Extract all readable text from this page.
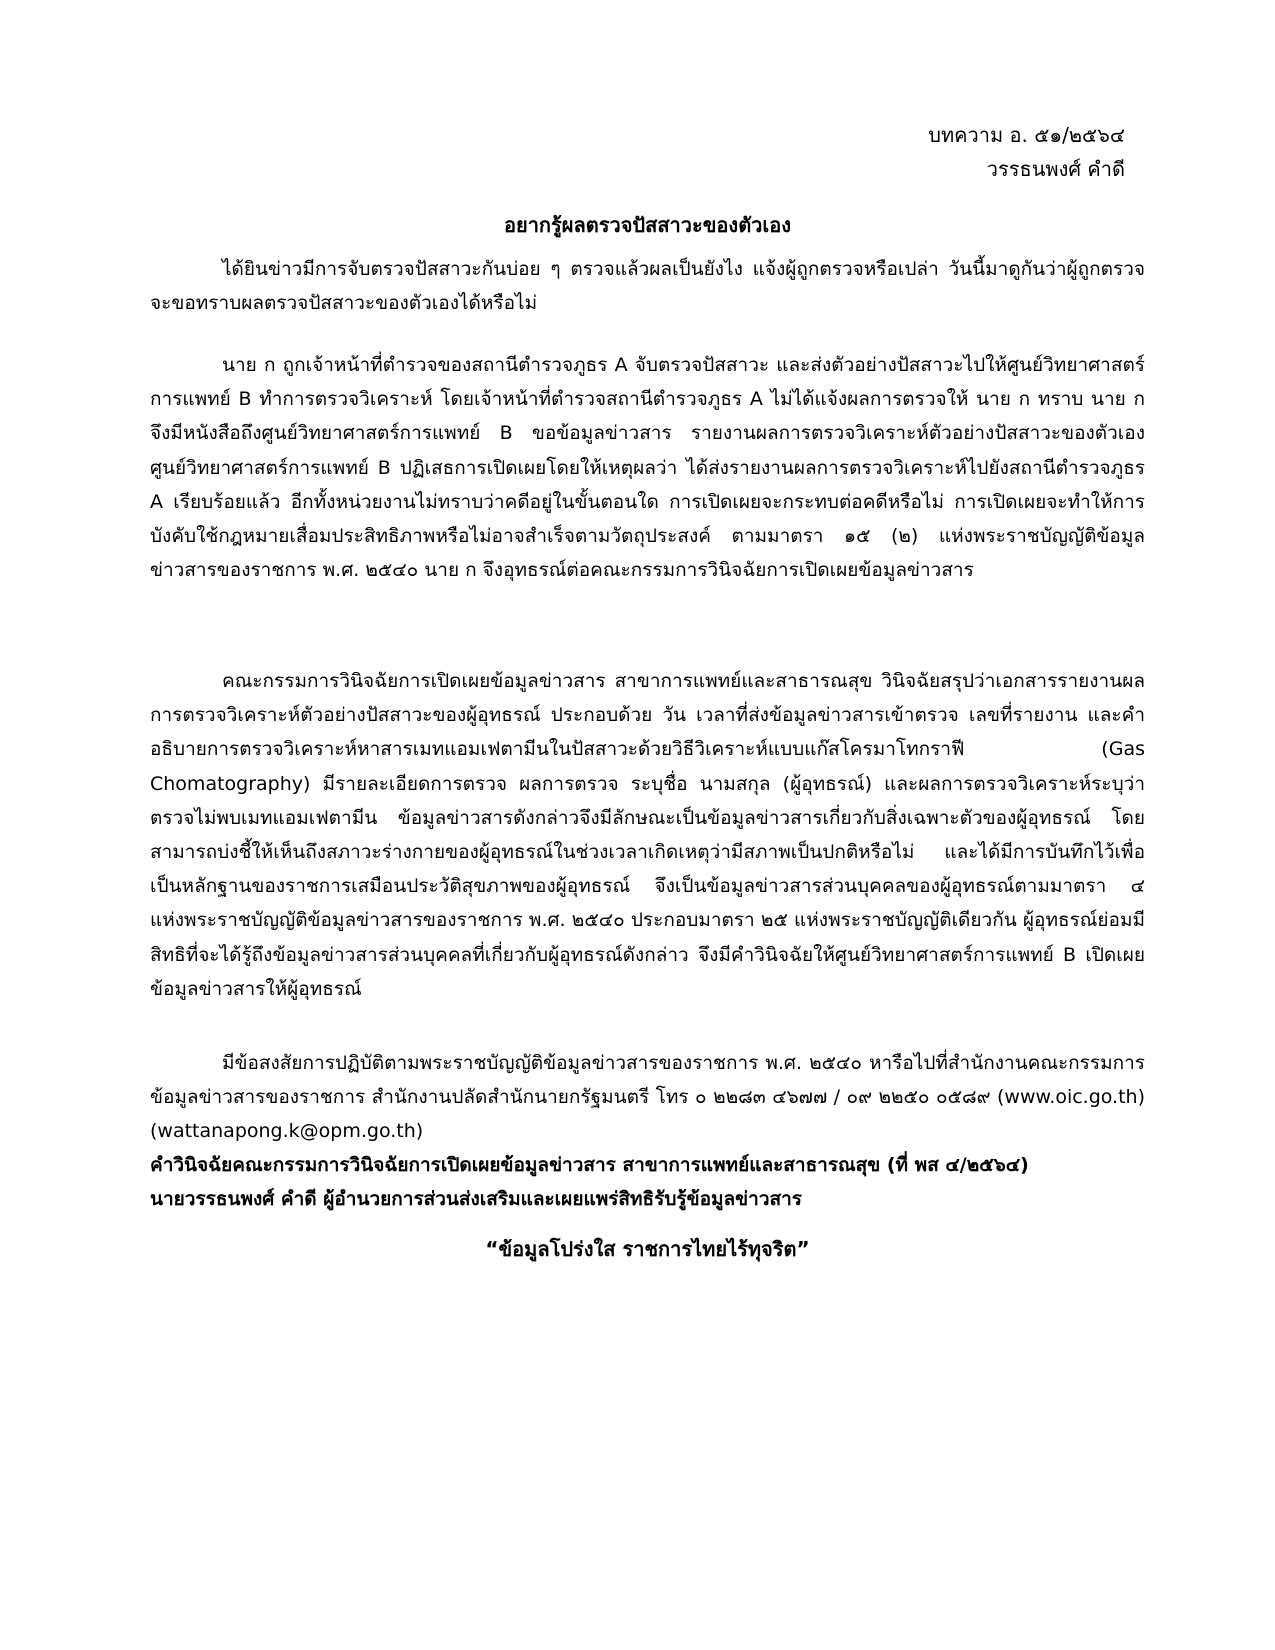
บทความ อ. ๕๑/๒๕๖๔
วรรธนพงศ์ คำดี
อยากรู้ผลตรวจปัสสาวะของตัวเอง

ได้ยินข่าวมีการจับตรวจปัสสาวะกันบ่อย ๆ ตรวจแล้วผลเป็นยังไง แจ้งผู้ถูกตรวจหรือเปล่า วันนี้มาดูกันว่าผู้ถูกตรวจจะขอทราบผลตรวจปัสสาวะของตัวเองได้หรือไม่

นาย ก ถูกเจ้าหน้าที่ตำรวจของสถานีตำรวจภูธร A จับตรวจปัสสาวะ และส่งตัวอย่างปัสสาวะไปให้ศูนย์วิทยาศาสตร์การแพทย์ B ทำการตรวจวิเคราะห์ โดยเจ้าหน้าที่ตำรวจสถานีตำรวจภูธร A ไม่ได้แจ้งผลการตรวจให้ นาย ก ทราบ นาย ก จึงมีหนังสือถึงศูนย์วิทยาศาสตร์การแพทย์ B ขอข้อมูลข่าวสาร รายงานผลการตรวจวิเคราะห์ตัวอย่างปัสสาวะของตัวเอง ศูนย์วิทยาศาสตร์การแพทย์ B ปฏิเสธการเปิดเผยโดยให้เหตุผลว่า ได้ส่งรายงานผลการตรวจวิเคราะห์ไปยังสถานีตำรวจภูธร A เรียบร้อยแล้ว อีกทั้งหน่วยงานไม่ทราบว่าคดีอยู่ในขั้นตอนใด การเปิดเผยจะกระทบต่อคดีหรือไม่ การเปิดเผยจะทำให้การบังคับใช้กฎหมายเสื่อมประสิทธิภาพหรือไม่อาจสำเร็จตามวัตถุประสงค์ ตามมาตรา ๑๕ (๒) แห่งพระราชบัญญัติข้อมูลข่าวสารของราชการ พ.ศ. ๒๕๔๐ นาย ก จึงอุทธรณ์ต่อคณะกรรมการวินิจฉัยการเปิดเผยข้อมูลข่าวสาร

คณะกรรมการวินิจฉัยการเปิดเผยข้อมูลข่าวสาร สาขาการแพทย์และสาธารณสุข วินิจฉัยสรุปว่าเอกสารรายงานผลการตรวจวิเคราะห์ตัวอย่างปัสสาวะของผู้อุทธรณ์ ประกอบด้วย วัน เวลาที่ส่งข้อมูลข่าวสารเข้าตรวจ เลขที่รายงาน และคำอธิบายการตรวจวิเคราะห์หาสารเมทแอมเฟตามีนในปัสสาวะด้วยวิธีวิเคราะห์แบบแก๊สโครมาโทกราฟี (Gas Chomatography) มีรายละเอียดการตรวจ ผลการตรวจ ระบุชื่อ นามสกุล (ผู้อุทธรณ์) และผลการตรวจวิเคราะห์ระบุว่า ตรวจไม่พบเมทแอมเฟตามีน ข้อมูลข่าวสารดังกล่าวจึงมีลักษณะเป็นข้อมูลข่าวสารเกี่ยวกับสิ่งเฉพาะตัวของผู้อุทธรณ์ โดยสามารถบ่งชี้ให้เห็นถึงสภาวะร่างกายของผู้อุทธรณ์ในช่วงเวลาเกิดเหตุว่ามีสภาพเป็นปกติหรือไม่ และได้มีการบันทึกไว้เพื่อเป็นหลักฐานของราชการเสมือนประวัติสุขภาพของผู้อุทธรณ์ จึงเป็นข้อมูลข่าวสารส่วนบุคคลของผู้อุทธรณ์ตามมาตรา ๔ แห่งพระราชบัญญัติข้อมูลข่าวสารของราชการ พ.ศ. ๒๕๔๐ ประกอบมาตรา ๒๕ แห่งพระราชบัญญัติเดียวกัน ผู้อุทธรณ์ย่อมมีสิทธิที่จะได้รู้ถึงข้อมูลข่าวสารส่วนบุคคลที่เกี่ยวกับผู้อุทธรณ์ดังกล่าว จึงมีคำวินิจฉัยให้ศูนย์วิทยาศาสตร์การแพทย์ B เปิดเผยข้อมูลข่าวสารให้ผู้อุทธรณ์

มีข้อสงสัยการปฏิบัติตามพระราชบัญญัติข้อมูลข่าวสารของราชการ พ.ศ. ๒๕๔๐ หารือไปที่สำนักงานคณะกรรมการข้อมูลข่าวสารของราชการ สำนักงานปลัดสำนักนายกรัฐมนตรี โทร ๐ ๒๒๘๓ ๔๖๗๗ / ๐๙ ๒๒๕๐ ๐๕๘๙ (www.oic.go.th) (wattanapong.k@opm.go.th)

คำวินิจฉัยคณะกรรมการวินิจฉัยการเปิดเผยข้อมูลข่าวสาร สาขาการแพทย์และสาธารณสุข (ที่ พส ๔/๒๕๖๔)
นายวรรธนพงศ์ คำดี ผู้อำนวยการส่วนส่งเสริมและเผยแพร่สิทธิรับรู้ข้อมูลข่าวสาร
“ข้อมูลโปร่งใส ราชการไทยไร้ทุจริต”
